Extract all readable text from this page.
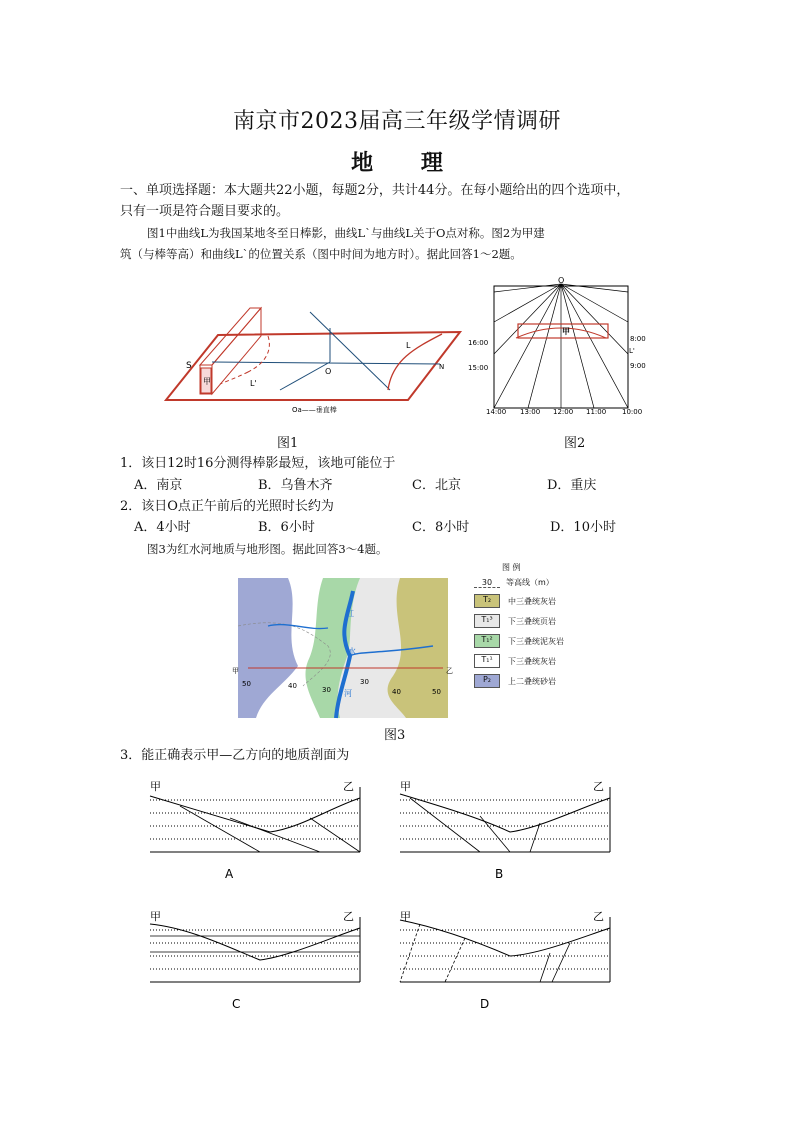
南京市2023届高三年级学情调研
地 理
一、单项选择题：本大题共22小题，每题2分，共计44分。在每小题给出的四个选项中，
只有一项是符合题目要求的。
图1中曲线L为我国某地冬至日棒影，曲线L`与曲线L关于O点对称。图2为甲建
筑（与棒等高）和曲线L`的位置关系（图中时间为地方时）。据此回答1～2题。
S
甲	L'
L
O	N
Oa——垂直棒
图1
O
甲
L'
16:00
15:00
8:00
9:00
14:00 13:00 12:00 11:00 10:00
图2
1．该日12时16分测得棒影最短，该地可能位于
A．南京	B．乌鲁木齐	C．北京	D．重庆
2．该日O点正午前后的光照时长约为
A．4小时	B．6小时	C．8小时	D．10小时
图3为红水河地质与地形图。据此回答3～4题。
甲	乙
红
水
河
50	40	30
30
40	50
图 例
30	等高线（m）
T₂	中三叠统灰岩
T₁³	下三叠统页岩
T₁²	下三叠统泥灰岩
T₁¹	下三叠统灰岩
P₂	上二叠统砂岩
图3
3．能正确表示甲—乙方向的地质剖面为
甲	乙
A
甲	乙
B
甲	乙
C
甲	乙
D
